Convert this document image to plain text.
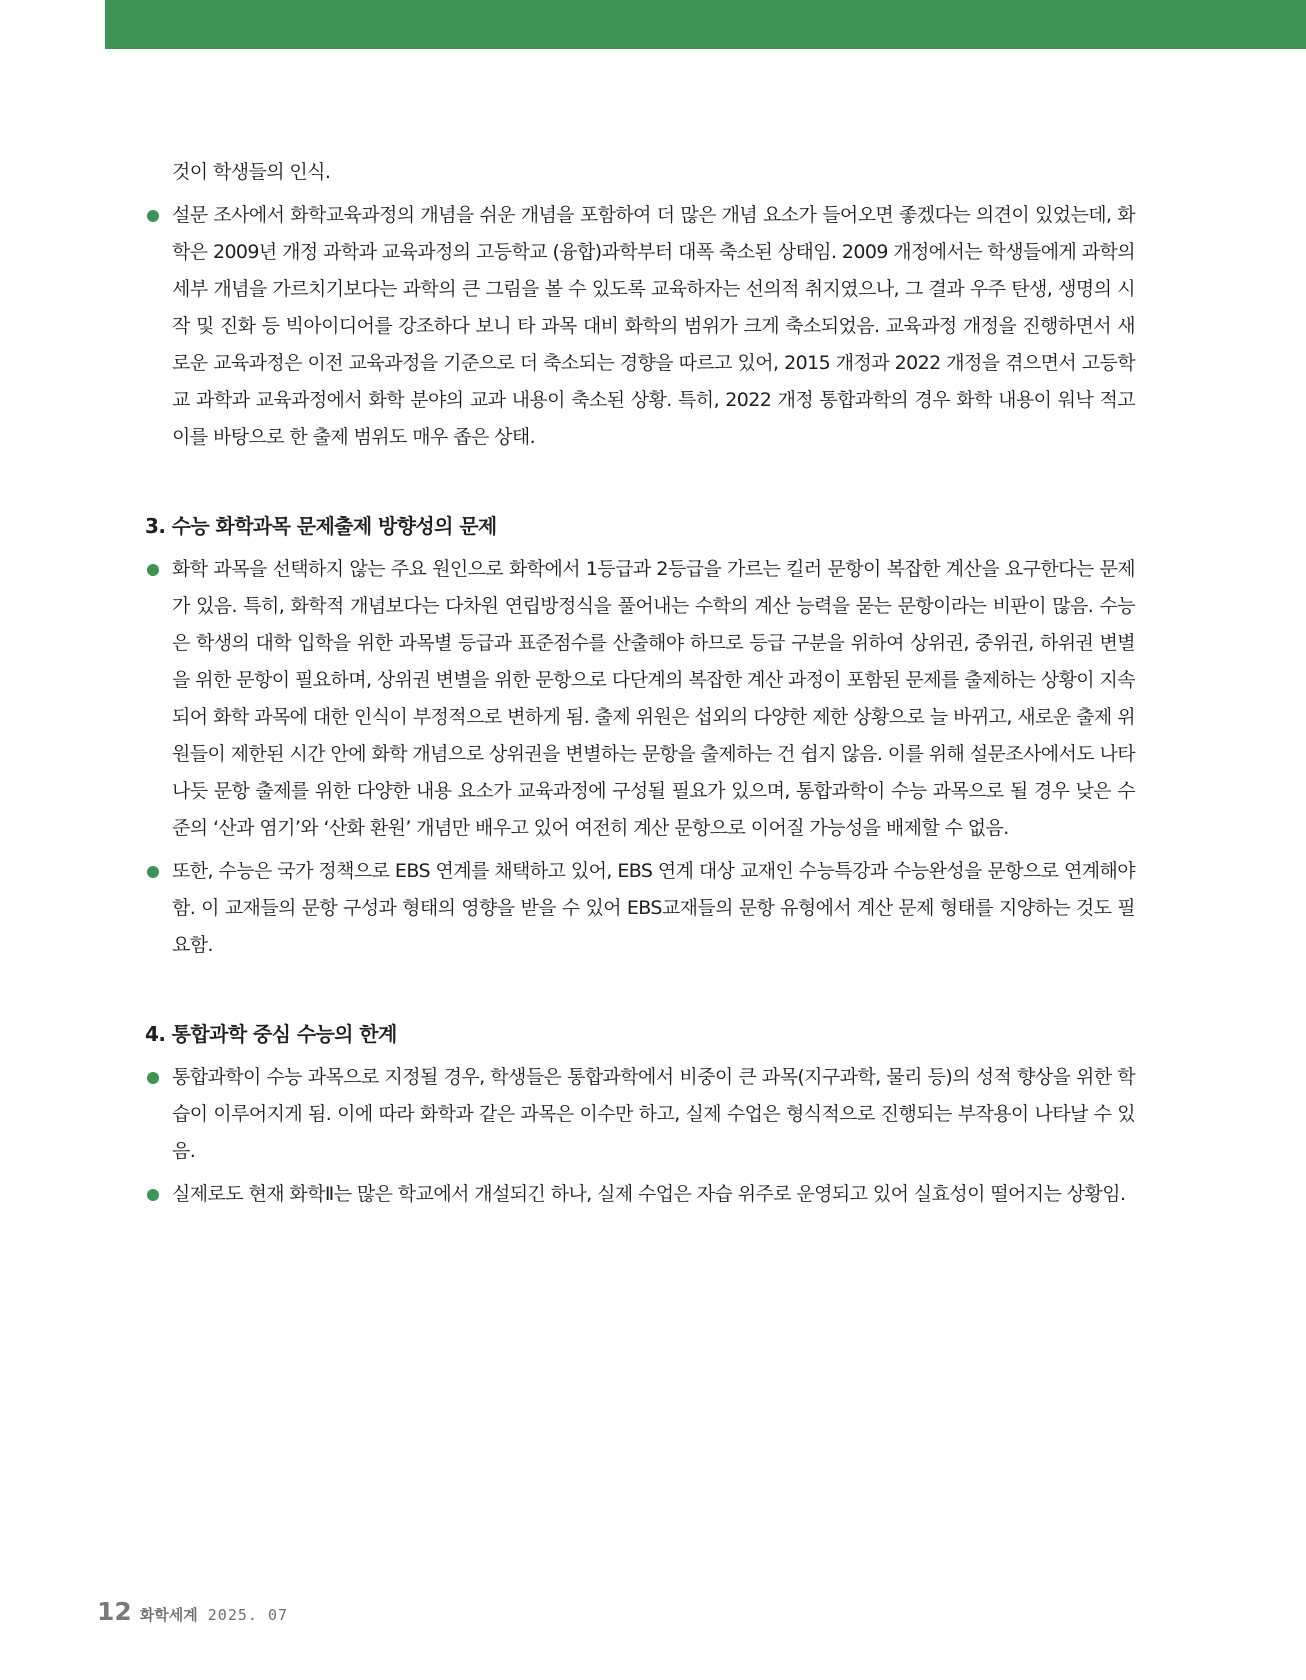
것이 학생들의 인식.

설문 조사에서 화학교육과정의 개념을 쉬운 개념을 포함하여 더 많은 개념 요소가 들어오면 좋겠다는 의견이 있었는데, 화학은 2009년 개정 과학과 교육과정의 고등학교 (융합)과학부터 대폭 축소된 상태임. 2009 개정에서는 학생들에게 과학의 세부 개념을 가르치기보다는 과학의 큰 그림을 볼 수 있도록 교육하자는 선의적 취지였으나, 그 결과 우주 탄생, 생명의 시작 및 진화 등 빅아이디어를 강조하다 보니 타 과목 대비 화학의 범위가 크게 축소되었음. 교육과정 개정을 진행하면서 새로운 교육과정은 이전 교육과정을 기준으로 더 축소되는 경향을 따르고 있어, 2015 개정과 2022 개정을 겪으면서 고등학교 과학과 교육과정에서 화학 분야의 교과 내용이 축소된 상황. 특히, 2022 개정 통합과학의 경우 화학 내용이 워낙 적고 이를 바탕으로 한 출제 범위도 매우 좁은 상태.
3. 수능 화학과목 문제출제 방향성의 문제
화학 과목을 선택하지 않는 주요 원인으로 화학에서 1등급과 2등급을 가르는 킬러 문항이 복잡한 계산을 요구한다는 문제가 있음. 특히, 화학적 개념보다는 다차원 연립방정식을 풀어내는 수학의 계산 능력을 묻는 문항이라는 비판이 많음. 수능은 학생의 대학 입학을 위한 과목별 등급과 표준점수를 산출해야 하므로 등급 구분을 위하여 상위권, 중위권, 하위권 변별을 위한 문항이 필요하며, 상위권 변별을 위한 문항으로 다단계의 복잡한 계산 과정이 포함된 문제를 출제하는 상황이 지속되어 화학 과목에 대한 인식이 부정적으로 변하게 됨. 출제 위원은 섭외의 다양한 제한 상황으로 늘 바뀌고, 새로운 출제 위원들이 제한된 시간 안에 화학 개념으로 상위권을 변별하는 문항을 출제하는 건 쉽지 않음. 이를 위해 설문조사에서도 나타나듯 문항 출제를 위한 다양한 내용 요소가 교육과정에 구성될 필요가 있으며, 통합과학이 수능 과목으로 될 경우 낮은 수준의 ‘산과 염기’와 ‘산화 환원’ 개념만 배우고 있어 여전히 계산 문항으로 이어질 가능성을 배제할 수 없음.
또한, 수능은 국가 정책으로 EBS 연계를 채택하고 있어, EBS 연계 대상 교재인 수능특강과 수능완성을 문항으로 연계해야 함. 이 교재들의 문항 구성과 형태의 영향을 받을 수 있어 EBS교재들의 문항 유형에서 계산 문제 형태를 지양하는 것도 필요함.
4. 통합과학 중심 수능의 한계
통합과학이 수능 과목으로 지정될 경우, 학생들은 통합과학에서 비중이 큰 과목(지구과학, 물리 등)의 성적 향상을 위한 학습이 이루어지게 됨. 이에 따라 화학과 같은 과목은 이수만 하고, 실제 수업은 형식적으로 진행되는 부작용이 나타날 수 있음.
실제로도 현재 화학Ⅱ는 많은 학교에서 개설되긴 하나, 실제 수업은 자습 위주로 운영되고 있어 실효성이 떨어지는 상황임.
12 화학세계 2025. 07
